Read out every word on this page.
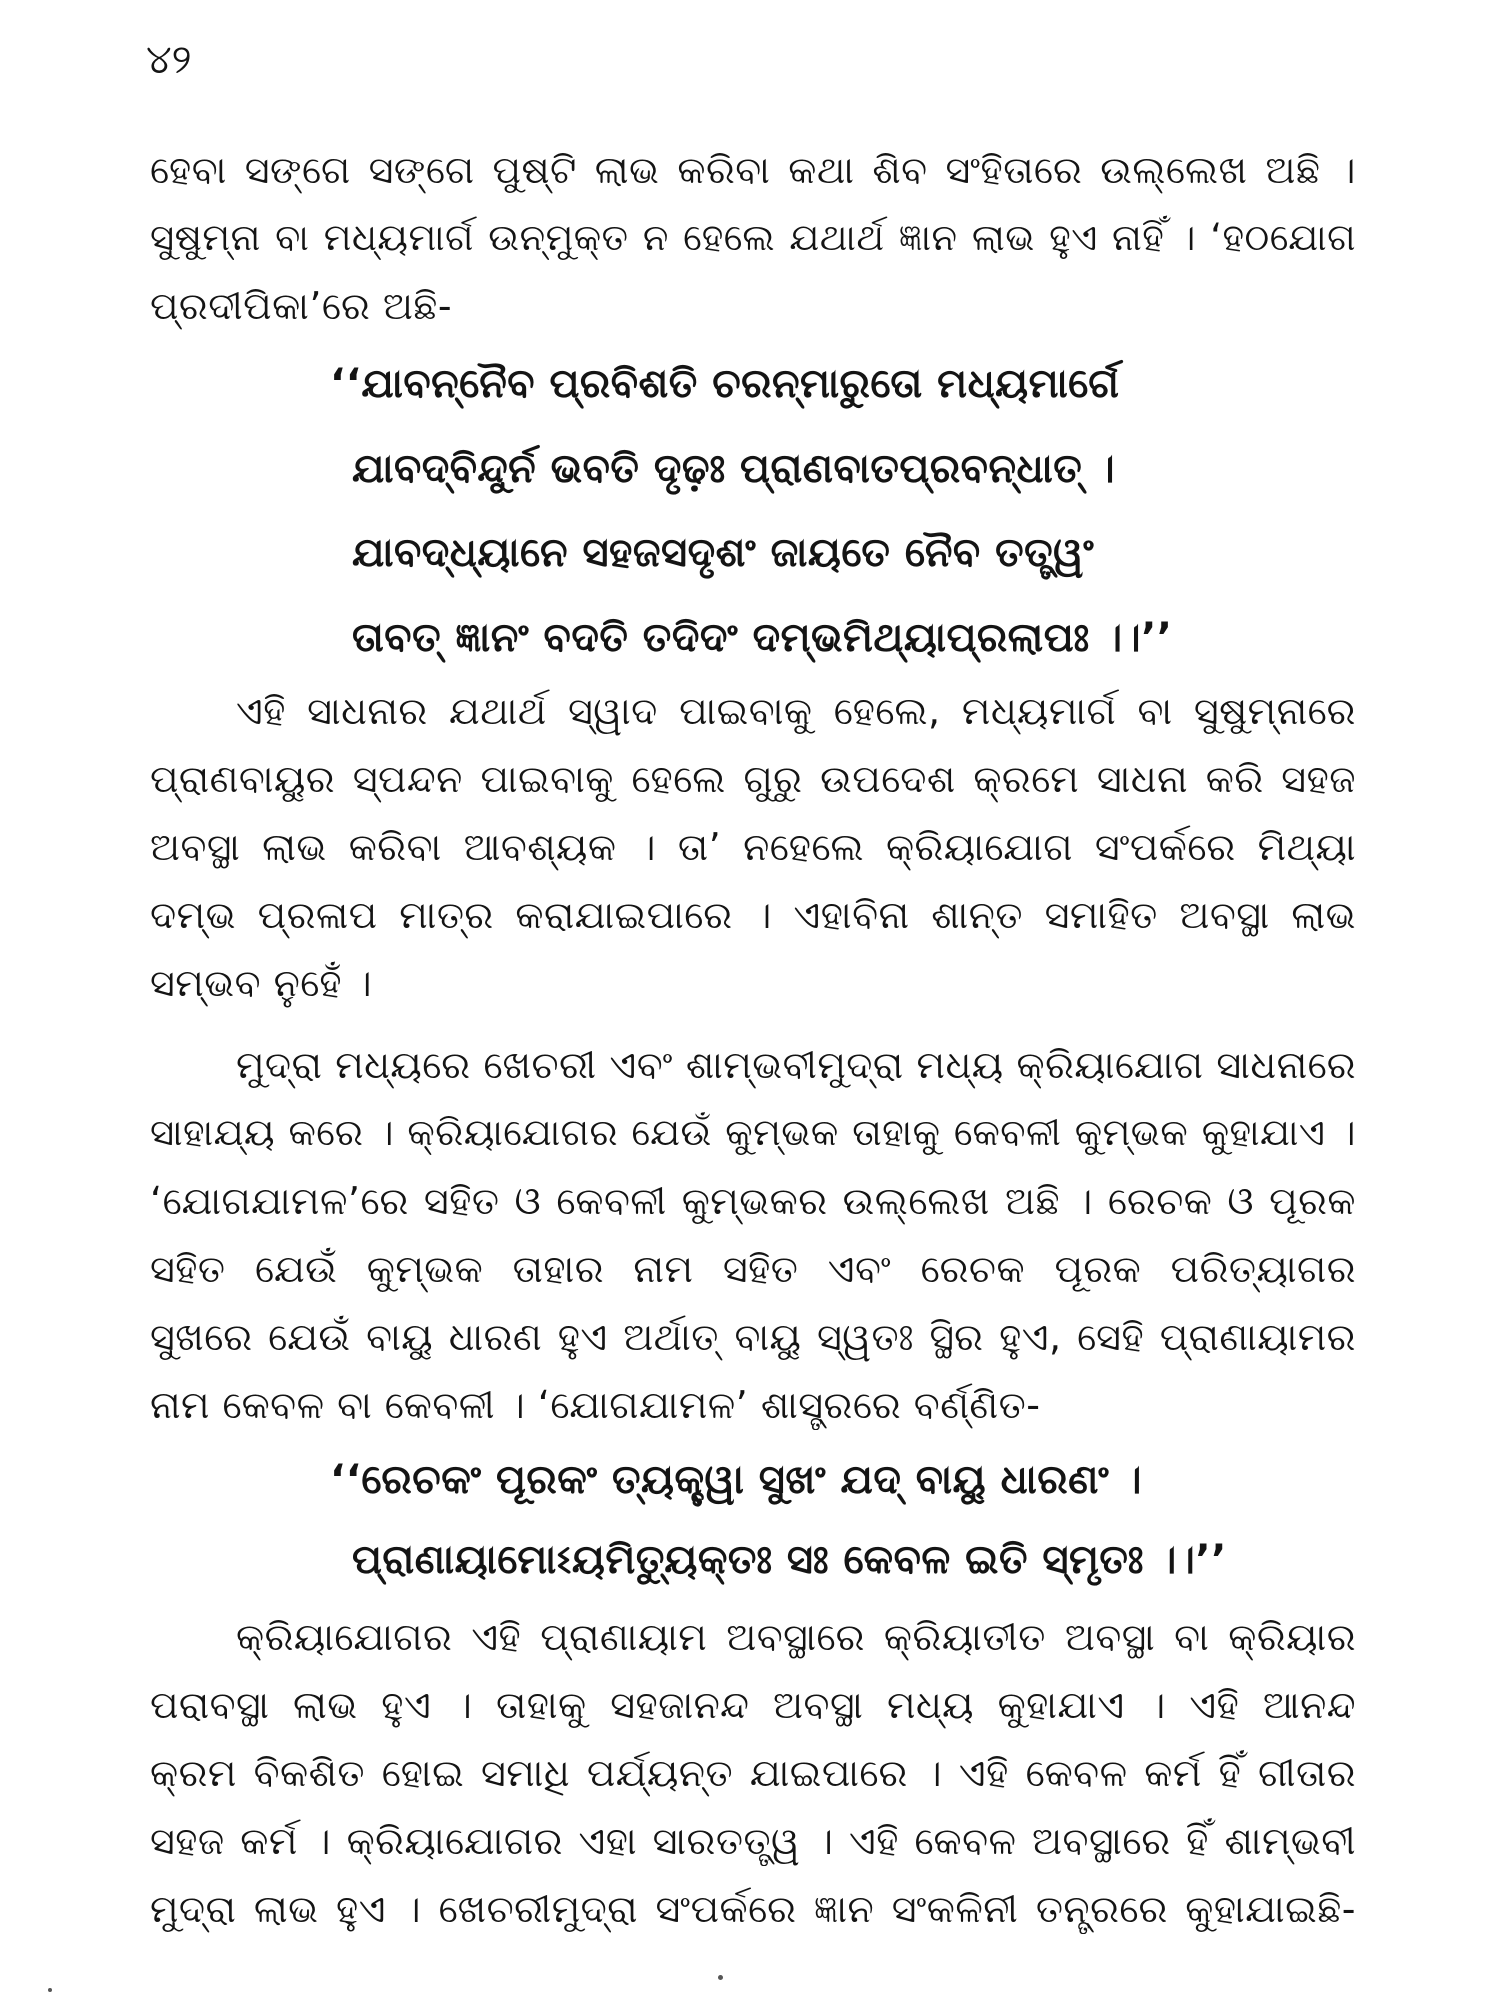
୪୨
ହେବା ସଙ୍ଗେ ସଙ୍ଗେ ପୁଷ୍ଟି ଲାଭ କରିବା କଥା ଶିବ ସଂହିତାରେ ଉଲ୍ଲେଖ ଅଛି ।
ସୁଷୁମ୍ନା ବା ମଧ୍ୟମାର୍ଗ ଉନ୍ମୁକ୍ତ ନ ହେଲେ ଯଥାର୍ଥ ଜ୍ଞାନ ଲାଭ ହୁଏ ନାହିଁ । ‘ହଠଯୋଗ
ପ୍ରଦୀପିକା’ରେ ଅଛି-
‘‘ଯାବନ୍ନୈବ ପ୍ରବିଶତି ଚରନ୍ମାରୁତୋ ମଧ୍ୟମାର୍ଗେ
ଯାବଦ୍‌ବିନ୍ଦୁର୍ନ ଭବତି ଦୃଢ଼ଃ ପ୍ରାଣବାତପ୍ରବନ୍ଧାତ୍ ।
ଯାବଦ୍‌ଧ୍ୟାନେ ସହଜସଦୃଶଂ ଜାୟତେ ନୈବ ତତ୍ତ୍ୱଂ
ତାବତ୍ ଜ୍ଞାନଂ ବଦତି ତଦିଦଂ ଦମ୍ଭମିଥ୍ୟାପ୍ରଲାପଃ ।।’’
ଏହି ସାଧନାର ଯଥାର୍ଥ ସ୍ୱାଦ ପାଇବାକୁ ହେଲେ, ମଧ୍ୟମାର୍ଗ ବା ସୁଷୁମ୍ନାରେ
ପ୍ରାଣବାୟୁର ସ୍ପନ୍ଦନ ପାଇବାକୁ ହେଲେ ଗୁରୁ ଉପଦେଶ କ୍ରମେ ସାଧନା କରି ସହଜ
ଅବସ୍ଥା ଲାଭ କରିବା ଆବଶ୍ୟକ । ତା’ ନହେଲେ କ୍ରିୟାଯୋଗ ସଂପର୍କରେ ମିଥ୍ୟା
ଦମ୍ଭ ପ୍ରଳାପ ମାତ୍ର କରାଯାଇପାରେ । ଏହାବିନା ଶାନ୍ତ ସମାହିତ ଅବସ୍ଥା ଲାଭ
ସମ୍ଭବ ନୁହେଁ ।
ମୁଦ୍ରା ମଧ୍ୟରେ ଖେଚରୀ ଏବଂ ଶାମ୍ଭବୀମୁଦ୍ରା ମଧ୍ୟ କ୍ରିୟାଯୋଗ ସାଧନାରେ
ସାହାଯ୍ୟ କରେ । କ୍ରିୟାଯୋଗର ଯେଉଁ କୁମ୍ଭକ ତାହାକୁ କେବଳୀ କୁମ୍ଭକ କୁହାଯାଏ ।
‘ଯୋଗଯାମଳ’ରେ ସହିତ ଓ କେବଳୀ କୁମ୍ଭକର ଉଲ୍ଲେଖ ଅଛି । ରେଚକ ଓ ପୂରକ
ସହିତ ଯେଉଁ କୁମ୍ଭକ ତାହାର ନାମ ସହିତ ଏବଂ ରେଚକ ପୂରକ ପରିତ୍ୟାଗର
ସୁଖରେ ଯେଉଁ ବାୟୁ ଧାରଣ ହୁଏ ଅର୍ଥାତ୍ ବାୟୁ ସ୍ୱତଃ ସ୍ଥିର ହୁଏ, ସେହି ପ୍ରାଣାୟାମର
ନାମ କେବଳ ବା କେବଳୀ । ‘ଯୋଗଯାମଳ’ ଶାସ୍ତ୍ରରେ ବର୍ଣ୍ଣିତ-
‘‘ରେଚକଂ ପୂରକଂ ତ୍ୟକ୍ତ୍ୱା ସୁଖଂ ଯଦ୍ ବାୟୁ ଧାରଣଂ ।
ପ୍ରାଣାୟାମୋଽୟମିତ୍ୟୁକ୍ତଃ ସଃ କେବଳ ଇତି ସ୍ମୃତଃ ।।’’
କ୍ରିୟାଯୋଗର ଏହି ପ୍ରାଣାୟାମ ଅବସ୍ଥାରେ କ୍ରିୟାତୀତ ଅବସ୍ଥା ବା କ୍ରିୟାର
ପରାବସ୍ଥା ଲାଭ ହୁଏ । ତାହାକୁ ସହଜାନନ୍ଦ ଅବସ୍ଥା ମଧ୍ୟ କୁହାଯାଏ । ଏହି ଆନନ୍ଦ
କ୍ରମ ବିକଶିତ ହୋଇ ସମାଧି ପର୍ଯ୍ୟନ୍ତ ଯାଇପାରେ । ଏହି କେବଳ କର୍ମ ହିଁ ଗୀତାର
ସହଜ କର୍ମ । କ୍ରିୟାଯୋଗର ଏହା ସାରତତ୍ତ୍ୱ । ଏହି କେବଳ ଅବସ୍ଥାରେ ହିଁ ଶାମ୍ଭବୀ
ମୁଦ୍ରା ଲାଭ ହୁଏ । ଖେଚରୀମୁଦ୍ରା ସଂପର୍କରେ ଜ୍ଞାନ ସଂକଳିନୀ ତନ୍ତ୍ରରେ କୁହାଯାଇଛି-
